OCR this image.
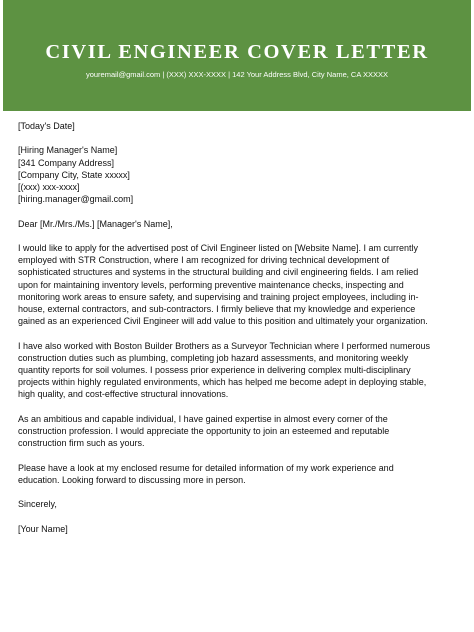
CIVIL ENGINEER COVER LETTER
youremail@gmail.com | (XXX) XXX-XXXX | 142 Your Address Blvd, City Name, CA XXXXX
[Today's Date]
[Hiring Manager's Name]
[341 Company Address]
[Company City, State xxxxx]
[(xxx) xxx-xxxx]
[hiring.manager@gmail.com]
Dear [Mr./Mrs./Ms.] [Manager's Name],
I would like to apply for the advertised post of Civil Engineer listed on [Website Name]. I am currently
employed with STR Construction, where I am recognized for driving technical development of
sophisticated structures and systems in the structural building and civil engineering fields. I am relied
upon for maintaining inventory levels, performing preventive maintenance checks, inspecting and
monitoring work areas to ensure safety, and supervising and training project employees, including in-
house, external contractors, and sub-contractors. I firmly believe that my knowledge and experience
gained as an experienced Civil Engineer will add value to this position and ultimately your organization.
I have also worked with Boston Builder Brothers as a Surveyor Technician where I performed numerous
construction duties such as plumbing, completing job hazard assessments, and monitoring weekly
quantity reports for soil volumes. I possess prior experience in delivering complex multi-disciplinary
projects within highly regulated environments, which has helped me become adept in deploying stable,
high quality, and cost-effective structural innovations.
As an ambitious and capable individual, I have gained expertise in almost every corner of the
construction profession. I would appreciate the opportunity to join an esteemed and reputable
construction firm such as yours.
Please have a look at my enclosed resume for detailed information of my work experience and
education. Looking forward to discussing more in person.
Sincerely,
[Your Name]
